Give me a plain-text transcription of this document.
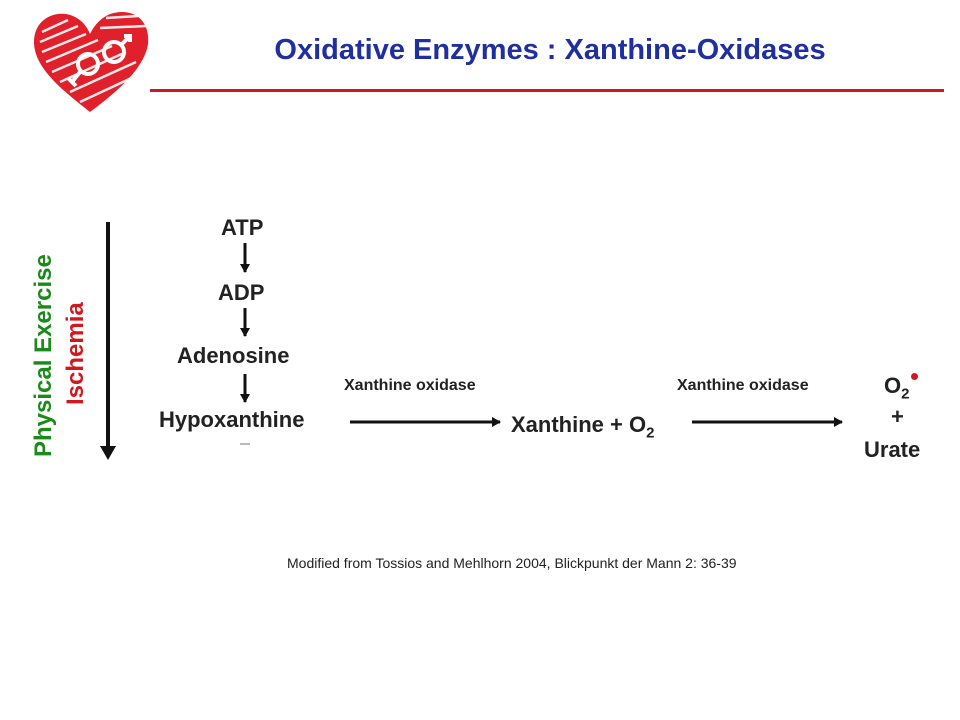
Oxidative Enzymes : Xanthine-Oxidases
Physical Exercise Ischemia
ATP
ADP
Adenosine
Hypoxanthine	Xanthine + $O_2$
$O_2$
+
Urate
Xanthine oxidase	Xanthine oxidase
Modified from Tossios and Mehlhorn 2004, Blickpunkt der Mann 2: 36-39
